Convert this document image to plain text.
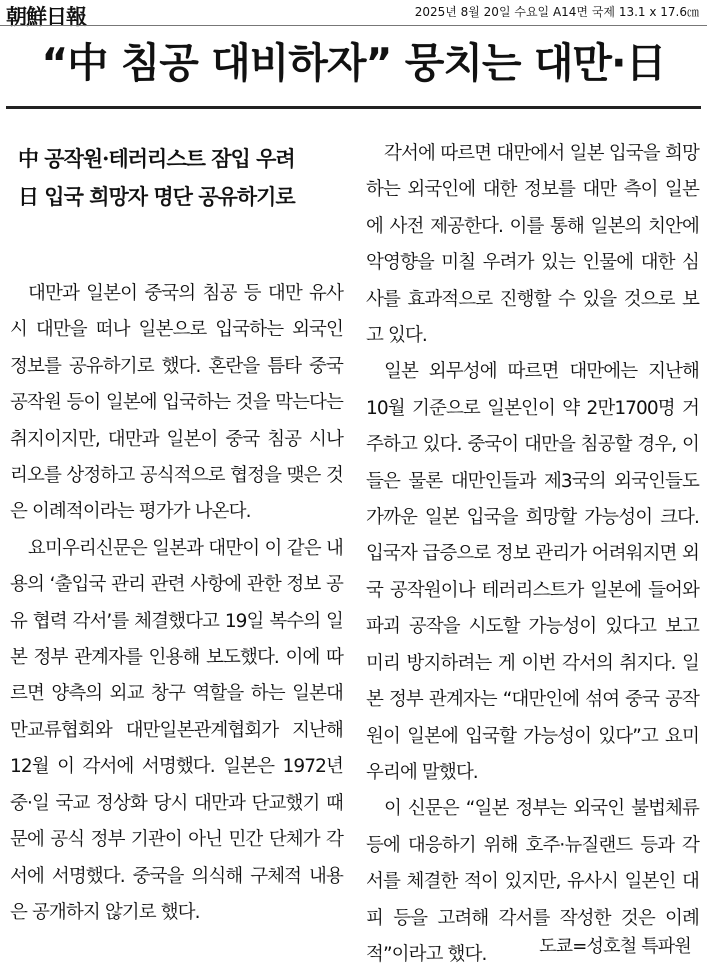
朝鮮日報	2025년 8월 20일 수요일 A14면 국제 13.1 x 17.6㎝
“中 침공 대비하자” 뭉치는 대만·日
中 공작원·테러리스트 잠입 우려
日 입국 희망자 명단 공유하기로

대만과 일본이 중국의 침공 등 대만 유사시 대만을 떠나 일본으로 입국하는 외국인 정보를 공유하기로 했다. 혼란을 틈타 중국 공작원 등이 일본에 입국하는 것을 막는다는 취지이지만, 대만과 일본이 중국 침공 시나리오를 상정하고 공식적으로 협정을 맺은 것은 이례적이라는 평가가 나온다.

요미우리신문은 일본과 대만이 이 같은 내용의 ‘출입국 관리 관련 사항에 관한 정보 공유 협력 각서’를 체결했다고 19일 복수의 일본 정부 관계자를 인용해 보도했다. 이에 따르면 양측의 외교 창구 역할을 하는 일본대만교류협회와 대만일본관계협회가 지난해 12월 이 각서에 서명했다. 일본은 1972년 중·일 국교 정상화 당시 대만과 단교했기 때문에 공식 정부 기관이 아닌 민간 단체가 각서에 서명했다. 중국을 의식해 구체적 내용은 공개하지 않기로 했다.

각서에 따르면 대만에서 일본 입국을 희망하는 외국인에 대한 정보를 대만 측이 일본에 사전 제공한다. 이를 통해 일본의 치안에 악영향을 미칠 우려가 있는 인물에 대한 심사를 효과적으로 진행할 수 있을 것으로 보고 있다.

일본 외무성에 따르면 대만에는 지난해 10월 기준으로 일본인이 약 2만1700명 거주하고 있다. 중국이 대만을 침공할 경우, 이들은 물론 대만인들과 제3국의 외국인들도 가까운 일본 입국을 희망할 가능성이 크다. 입국자 급증으로 정보 관리가 어려워지면 외국 공작원이나 테러리스트가 일본에 들어와 파괴 공작을 시도할 가능성이 있다고 보고 미리 방지하려는 게 이번 각서의 취지다. 일본 정부 관계자는 “대만인에 섞여 중국 공작원이 일본에 입국할 가능성이 있다”고 요미우리에 말했다.

이 신문은 “일본 정부는 외국인 불법체류 등에 대응하기 위해 호주·뉴질랜드 등과 각서를 체결한 적이 있지만, 유사시 일본인 대피 등을 고려해 각서를 작성한 것은 이례적”이라고 했다.	도쿄=성호철 특파원
